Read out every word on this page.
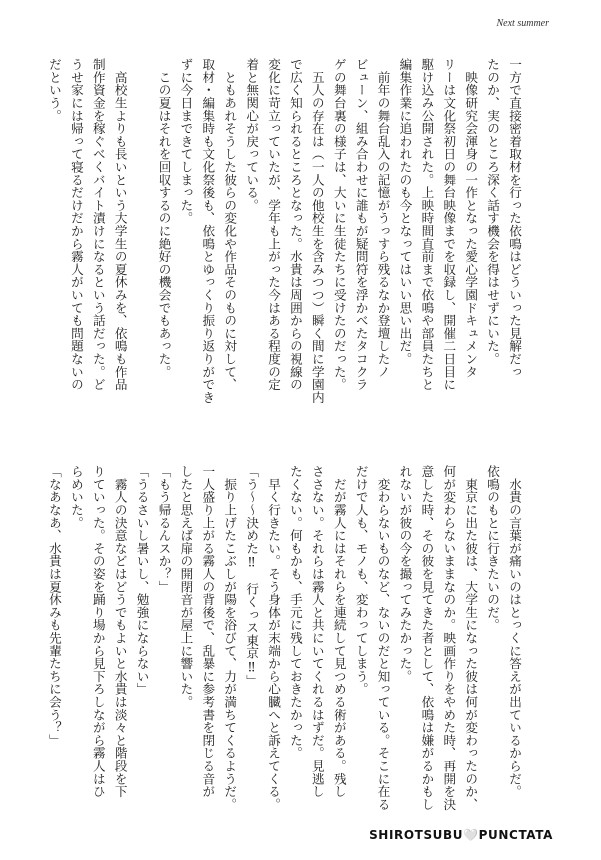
Next summer
一方で直接密着取材を行った依鳴はどういった見解だっ
たのか、実のところ深く話す機会を得はせずにいた。
　映像研究会渾身の一作となった愛心学園ドキュメンタ
リーは文化祭初日の舞台映像までを収録し、開催二日目に
駆け込み公開された。上映時間直前まで依鳴や部員たちと
編集作業に追われたのも今となってはいい思い出だ。
　前年の舞台乱入の記憶がうっすら残るなか登壇したノ
ビューン、組み合わせに誰もが疑問符を浮かべたタコクラ
ゲの舞台裏の様子は、大いに生徒たちに受けたのだった。
　五人の存在は（一人の他校生を含みつつ）瞬く間に学園内
で広く知られるところとなった。水貴は周囲からの視線の
変化に苛立っていたが、学年も上がった今はある程度の定
着と無関心が戻っている。
　ともあれそうした彼らの変化や作品そのものに対して、
取材・編集時も文化祭後も、依鳴とゆっくり振り返りができ
ずに今日まできてしまった。
　この夏はそれを回収するのに絶好の機会でもあった。

　高校生よりも長いという大学生の夏休みを、依鳴も作品
制作資金を稼ぐべくバイト漬けになるという話だった。ど
うせ家には帰って寝るだけだから霧人がいても問題ないの
だという。
　水貴の言葉が痛いのはとっくに答えが出ているからだ。
依鳴のもとに行きたいのだ。
　東京に出た彼は、大学生になった彼は何が変わったのか、
何が変わらないままなのか。映画作りをやめた時、再開を決
意した時、その彼を見てきた者として、依鳴は嫌がるかもし
れないが彼の今を撮ってみたかった。
　変わらないものなど、ないのだと知っている。そこに在る
だけで人も、モノも、変わってしまう。
　だが霧人にはそれらを連続して見つめる術がある。残し
ささない。それらは霧人と共にいてくれるはずだ。見逃し
たくない。何もかも、手元に残しておきたかった。
　早く行きたい。そう身体が末端から心臓へと訴えてくる。
「う～～決めた‼　行くっス東京‼」
　振り上げたこぶしが陽を浴びて、力が満ちてくるようだ。
一人盛り上がる霧人の背後で、乱暴に参考書を閉じる音が
したと思えば扉の開閉音が屋上に響いた。
「もう帰るんスか？」
「うるさいし暑いし、勉強にならない」
　霧人の決意などはどうでもよいと水貴は淡々と階段を下
りていった。その姿を踊り場から見下ろしながら霧人はひ
らめいた。
「なあなあ、水貴は夏休みも先輩たちに会う？」
SHIROTSUBU🤍PUNCTATA
